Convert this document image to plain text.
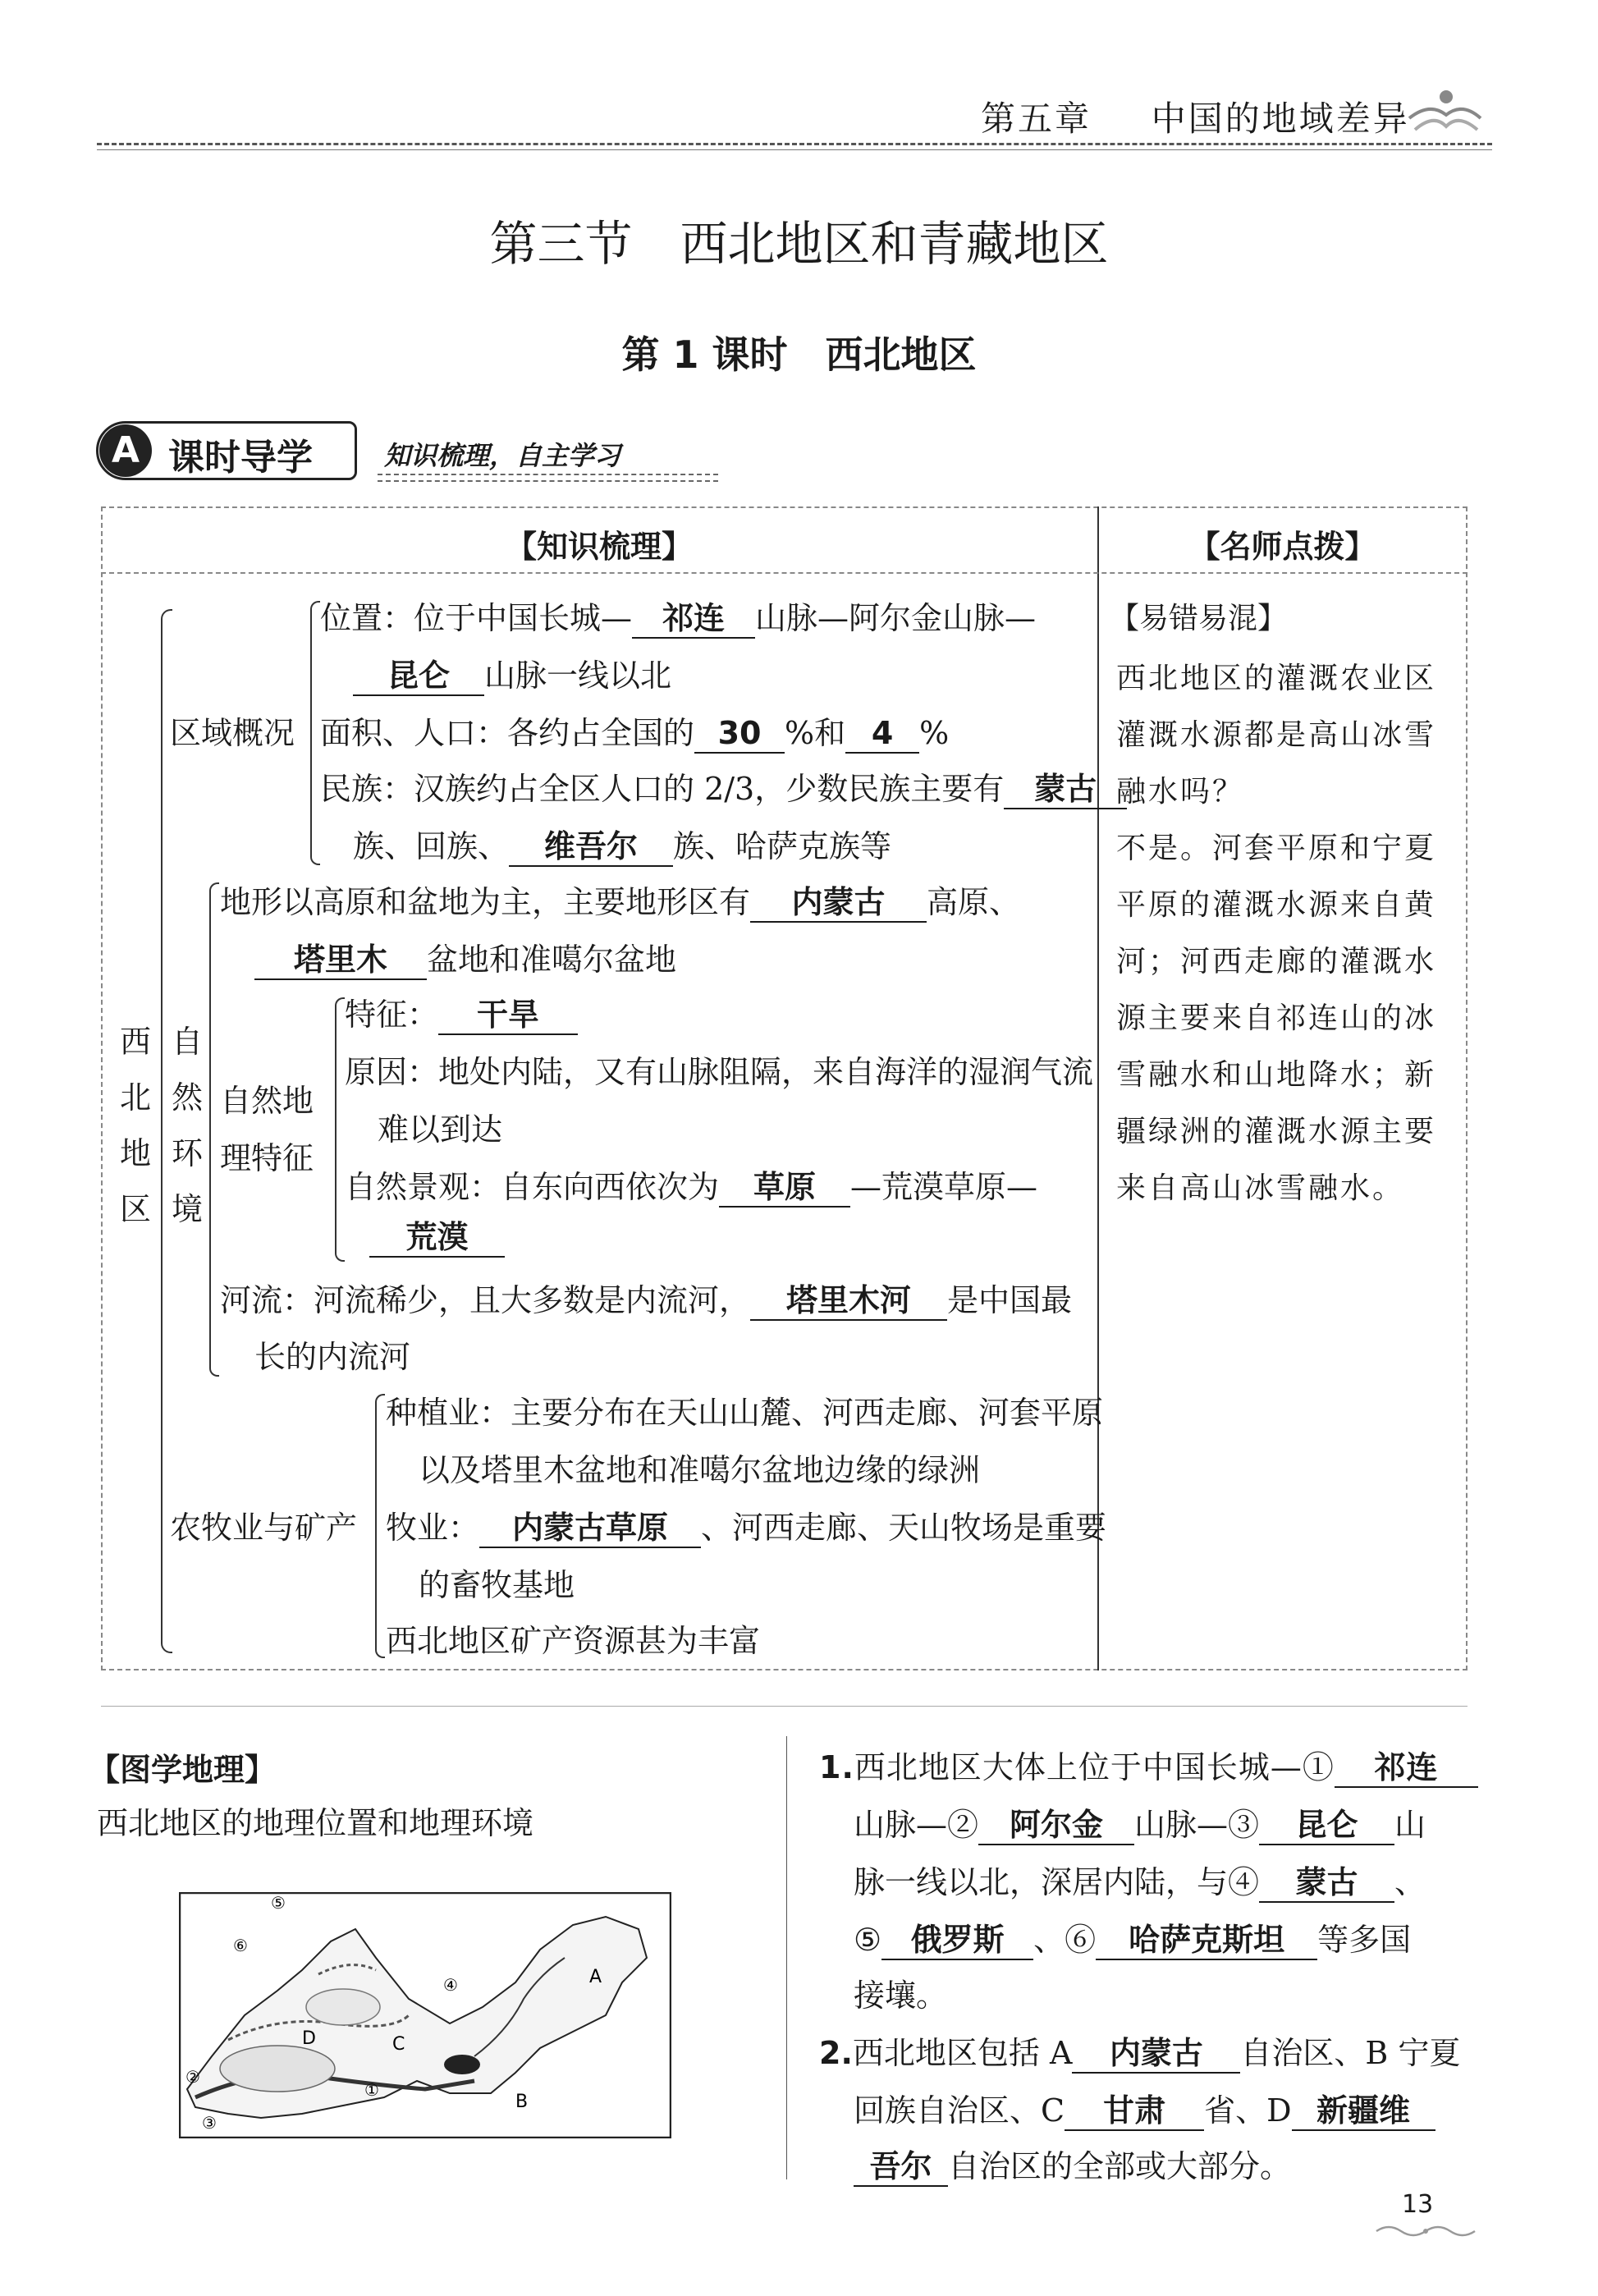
第五章 中国的地域差异
第三节　西北地区和青藏地区
第 1 课时　西北地区
A 课时导学	知识梳理，自主学习
【知识梳理】	【名师点拨】
西
北
地
区
区域概况
位置：位于中国长城— 祁连 山脉—阿尔金山脉—
昆仑 山脉一线以北
面积、人口：各约占全国的 30 %和 4 %
民族：汉族约占全区人口的 2/3，少数民族主要有 蒙古
族、回族、 维吾尔 族、哈萨克族等
自
然
环
境
地形以高原和盆地为主，主要地形区有 内蒙古 高原、
塔里木 盆地和准噶尔盆地
自然地
理特征
特征： 干旱
原因：地处内陆，又有山脉阻隔，来自海洋的湿润气流
难以到达
自然景观：自东向西依次为 草原 —荒漠草原—
荒漠
河流：河流稀少，且大多数是内流河， 塔里木河 是中国最
长的内流河
农牧业与矿产
种植业：主要分布在天山山麓、河西走廊、河套平原
以及塔里木盆地和准噶尔盆地边缘的绿洲
牧业： 内蒙古草原 、河西走廊、天山牧场是重要
的畜牧基地
西北地区矿产资源甚为丰富
【易错易混】
西北地区的灌溉农业区
灌溉水源都是高山冰雪
融水吗？
不是。河套平原和宁夏
平原的灌溉水源来自黄
河；河西走廊的灌溉水
源主要来自祁连山的冰
雪融水和山地降水；新
疆绿洲的灌溉水源主要
来自高山冰雪融水。
【图学地理】
西北地区的地理位置和地理环境
⑤
⑥
④
②
③
①
A
B
C
D
1.西北地区大体上位于中国长城—① 祁连
山脉—② 阿尔金 山脉—③ 昆仑 山
脉一线以北，深居内陆，与④ 蒙古 、
⑤ 俄罗斯 、⑥ 哈萨克斯坦 等多国
接壤。
2.西北地区包括 A 内蒙古 自治区、B 宁夏
回族自治区、C 甘肃 省、D 新疆维
吾尔 自治区的全部或大部分。
13
